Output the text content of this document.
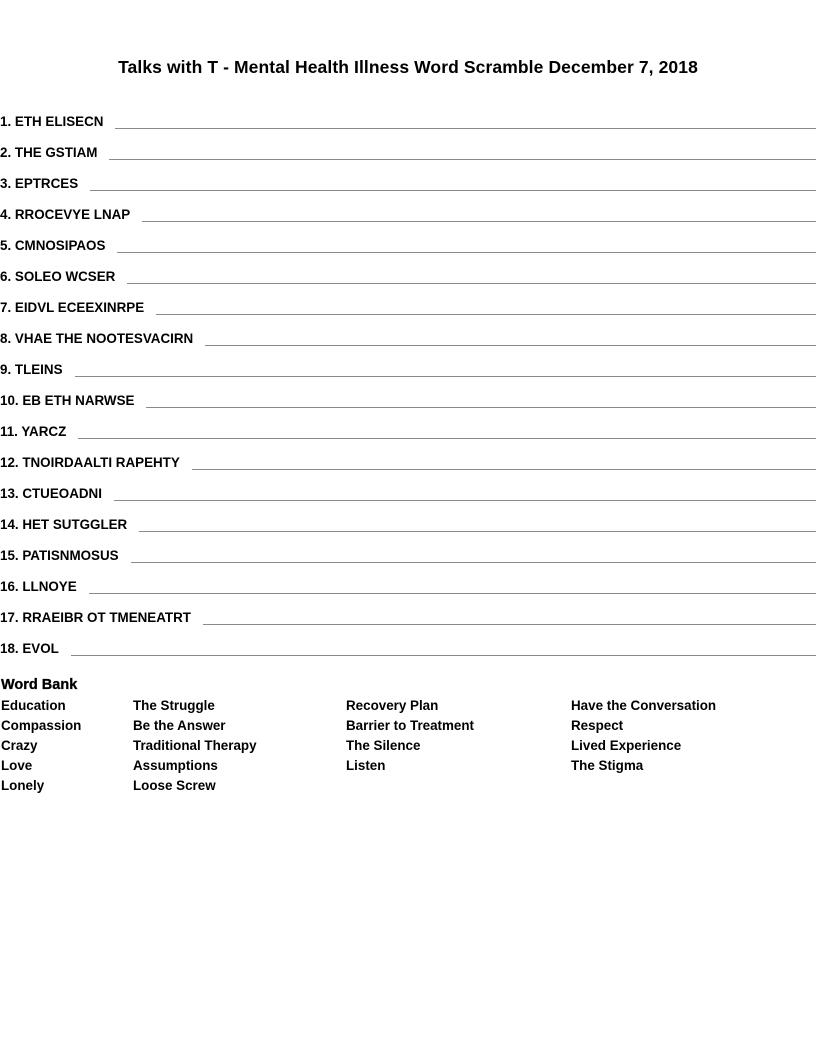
Talks with T - Mental Health Illness Word Scramble December 7, 2018
1. ETH ELISECN
2. THE GSTIAM
3. EPTRCES
4. RROCEVYE LNAP
5. CMNOSIPAOS
6. SOLEO WCSER
7. EIDVL ECEEXINRPE
8. VHAE THE NOOTESVACIRN
9. TLEINS
10. EB ETH NARWSE
11. YARCZ
12. TNOIRDAALTI RAPEHTY
13. CTUEOADNI
14. HET SUTGGLER
15. PATISNMOSUS
16. LLNOYE
17. RRAEIBR OT TMENEATRT
18. EVOL
Word Bank
Education
Compassion
Crazy
Love
Lonely
The Struggle
Be the Answer
Traditional Therapy
Assumptions
Loose Screw
Recovery Plan
Barrier to Treatment
The Silence
Listen
Have the Conversation
Respect
Lived Experience
The Stigma
